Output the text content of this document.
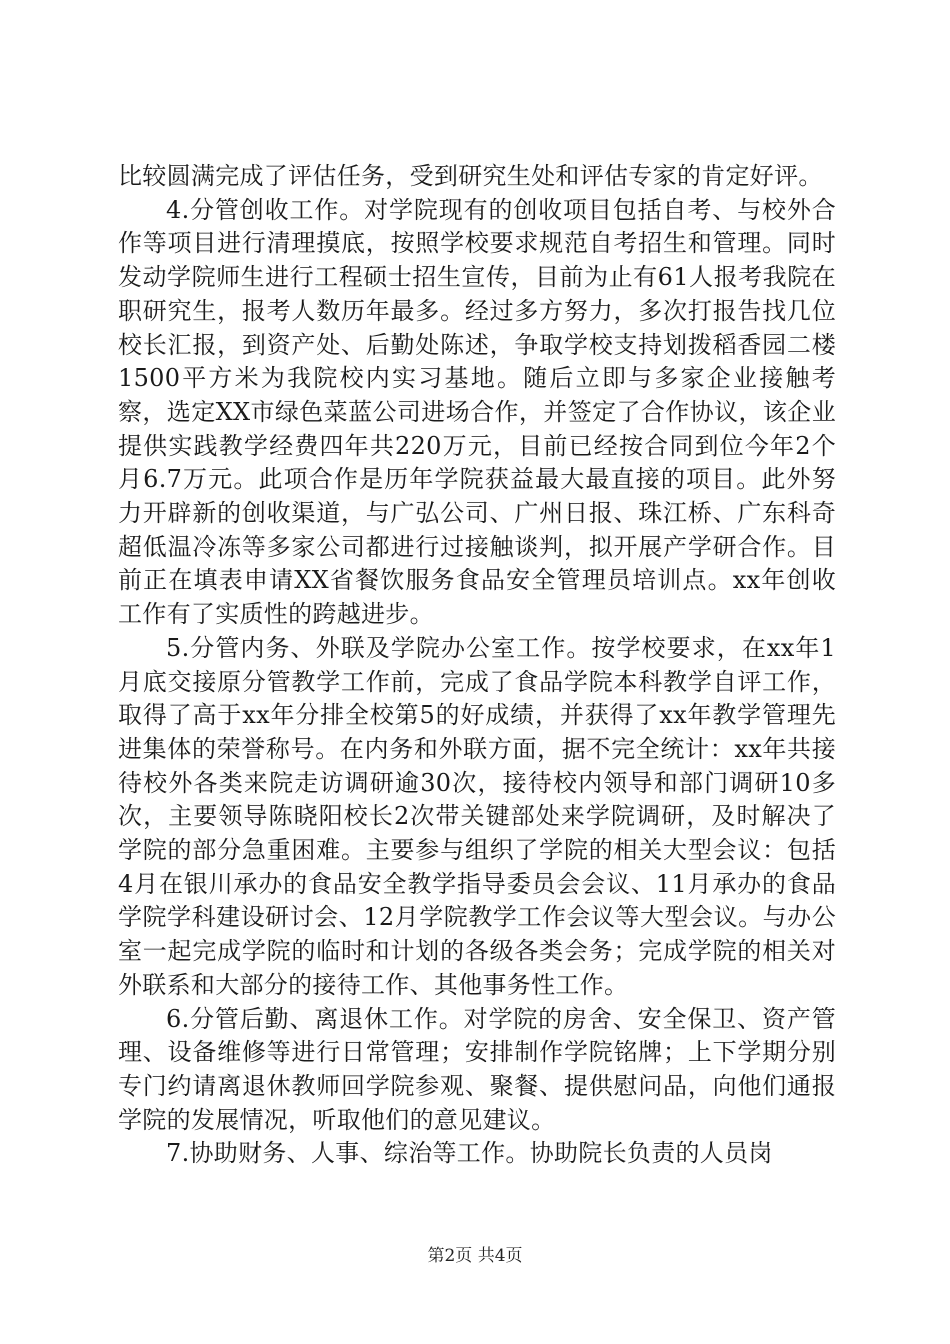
比较圆满完成了评估任务，受到研究生处和评估专家的肯定好评。

4.分管创收工作。对学院现有的创收项目包括自考、与校外合作等项目进行清理摸底，按照学校要求规范自考招生和管理。同时发动学院师生进行工程硕士招生宣传，目前为止有61人报考我院在职研究生，报考人数历年最多。经过多方努力，多次打报告找几位校长汇报，到资产处、后勤处陈述，争取学校支持划拨稻香园二楼1500平方米为我院校内实习基地。随后立即与多家企业接触考察，选定XX市绿色菜蓝公司进场合作，并签定了合作协议，该企业提供实践教学经费四年共220万元，目前已经按合同到位今年2个月6.7万元。此项合作是历年学院获益最大最直接的项目。此外努力开辟新的创收渠道，与广弘公司、广州日报、珠江桥、广东科奇超低温冷冻等多家公司都进行过接触谈判，拟开展产学研合作。目前正在填表申请XX省餐饮服务食品安全管理员培训点。xx年创收工作有了实质性的跨越进步。

5.分管内务、外联及学院办公室工作。按学校要求，在xx年1月底交接原分管教学工作前，完成了食品学院本科教学自评工作，取得了高于xx年分排全校第5的好成绩，并获得了xx年教学管理先进集体的荣誉称号。在内务和外联方面，据不完全统计：xx年共接待校外各类来院走访调研逾30次，接待校内领导和部门调研10多次，主要领导陈晓阳校长2次带关键部处来学院调研，及时解决了学院的部分急重困难。主要参与组织了学院的相关大型会议：包括4月在银川承办的食品安全教学指导委员会会议、11月承办的食品学院学科建设研讨会、12月学院教学工作会议等大型会议。与办公室一起完成学院的临时和计划的各级各类会务；完成学院的相关对外联系和大部分的接待工作、其他事务性工作。

6.分管后勤、离退休工作。对学院的房舍、安全保卫、资产管理、设备维修等进行日常管理；安排制作学院铭牌；上下学期分别专门约请离退休教师回学院参观、聚餐、提供慰问品，向他们通报学院的发展情况，听取他们的意见建议。

7.协助财务、人事、综治等工作。协助院长负责的人员岗

第2页 共4页
